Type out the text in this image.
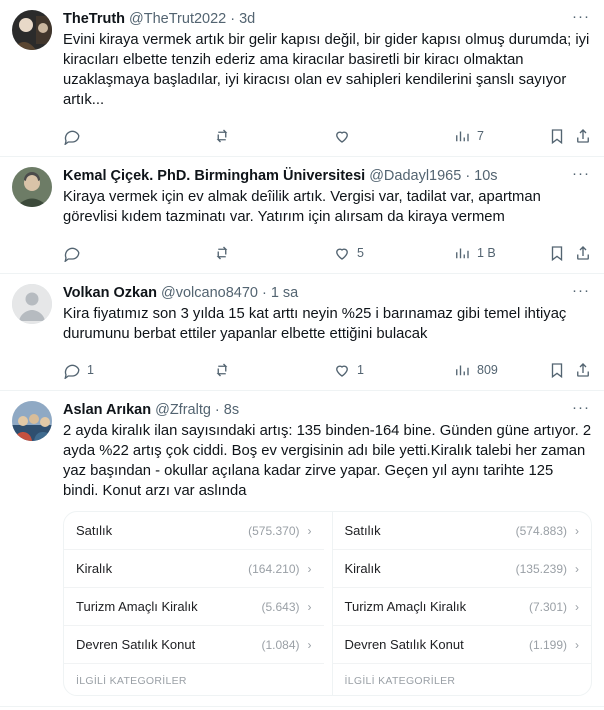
TheTruth @TheTrut2022 · 3d	···
Evini kiraya vermek artık bir gelir kapısı değil, bir gider kapısı olmuş durumda; iyi kiracıları elbette tenzih ederiz ama kiracılar basiretli bir kiracı olmaktan uzaklaşmaya başladılar, iyi kiracısı olan ev sahipleri kendilerini şanslı sayıyor artık...
7
Kemal Çiçek. PhD. Birmingham Üniversitesi @Dadayl1965 · 10s	···
Kiraya vermek için ev almak deîilik artık. Vergisi var, tadilat var, apartman görevlisi kıdem tazminatı var. Yatırım için alırsam da kiraya vermem
5	1 B
Volkan Ozkan @volcano8470 · 1 sa	···
Kira fiyatımız son 3 yılda 15 kat arttı neyin %25 i barınamaz gibi temel ihtiyaç durumunu berbat ettiler yapanlar elbette ettiğini bulacak
1	1	809
Aslan Arıkan @Zfraltg · 8s	···
2 ayda kiralık ilan sayısındaki artış: 135 binden-164 bine. Günden güne artıyor. 2 ayda %22 artış çok ciddi. Boş ev vergisinin adı bile yetti.Kiralık talebi her zaman yaz başından - okullar açılana kadar zirve yapar. Geçen yıl aynı tarihte 125 bindi. Konut arzı var aslında
Satılık	(575.370) ›
Kiralık	(164.210) ›
Turizm Amaçlı Kiralık	(5.643) ›
Devren Satılık Konut	(1.084) ›
İLGİLİ KATEGORİLER
Satılık	(574.883) ›
Kiralık	(135.239) ›
Turizm Amaçlı Kiralık	(7.301) ›
Devren Satılık Konut	(1.199) ›
İLGİLİ KATEGORİLER
